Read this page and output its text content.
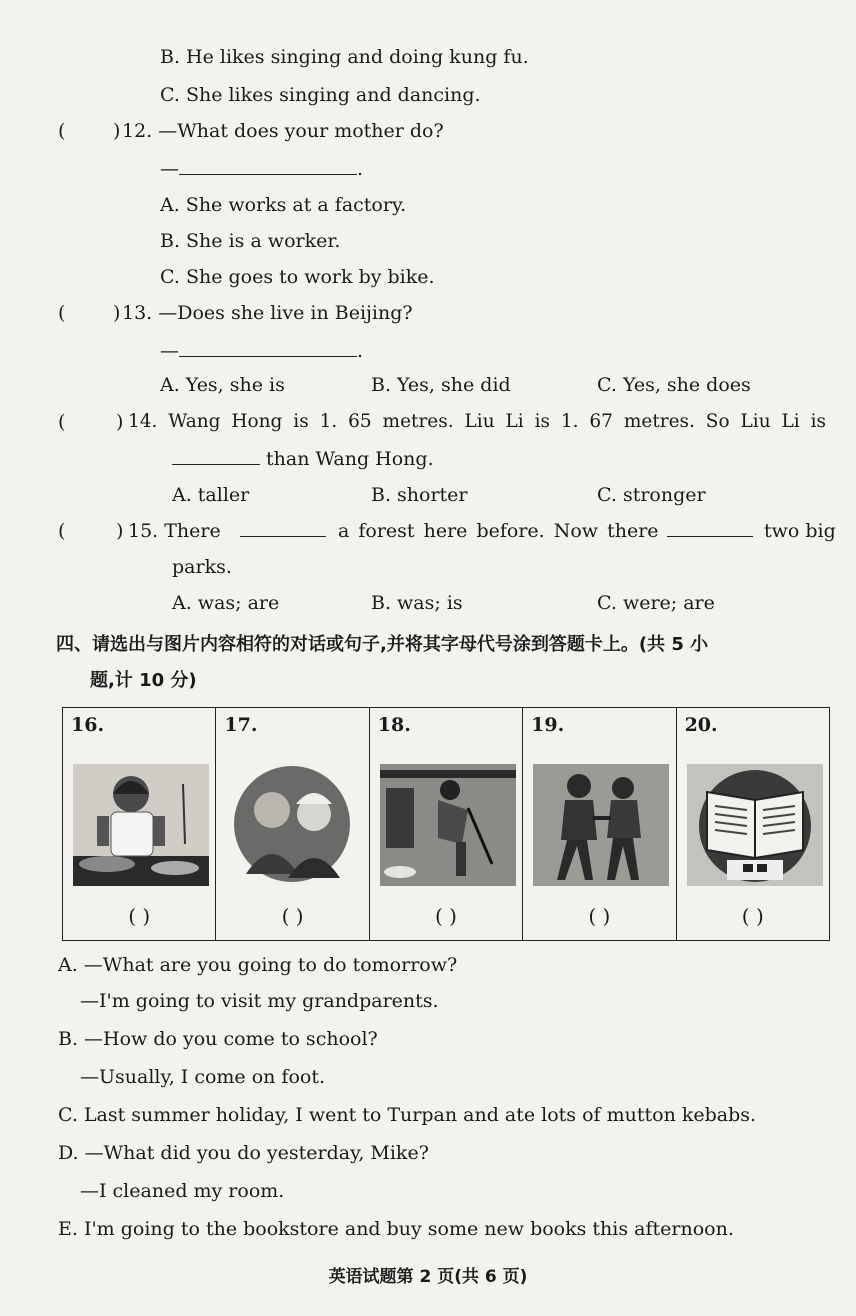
B. He likes singing and doing kung fu.
C. She likes singing and dancing.
(	) 12. —What does your mother do?
—	.
A. She works at a factory.
B. She is a worker.
C. She goes to work by bike.
(	) 13. —Does she live in Beijing?
—	.
A. Yes, she is	B. Yes, she did	C. Yes, she does
(	) 14. Wang Hong is 1. 65 metres. Liu Li is 1. 67 metres. So Liu Li is
than Wang Hong.
A. taller	B. shorter	C. stronger
(	) 15. There	a forest here before. Now there	two big
parks.
A. was; are	B. was; is	C. were; are
四、请选出与图片内容相符的对话或句子,并将其字母代号涂到答题卡上。(共 5 小
题,计 10 分)
16.
( )

17.
( )

18.
( )

19.
( )

20.
( )
A. —What are you going to do tomorrow?
—I'm going to visit my grandparents.
B. —How do you come to school?
—Usually, I come on foot.
C. Last summer holiday, I went to Turpan and ate lots of mutton kebabs.
D. —What did you do yesterday, Mike?
—I cleaned my room.
E. I'm going to the bookstore and buy some new books this afternoon.
英语试题第 2 页(共 6 页)
